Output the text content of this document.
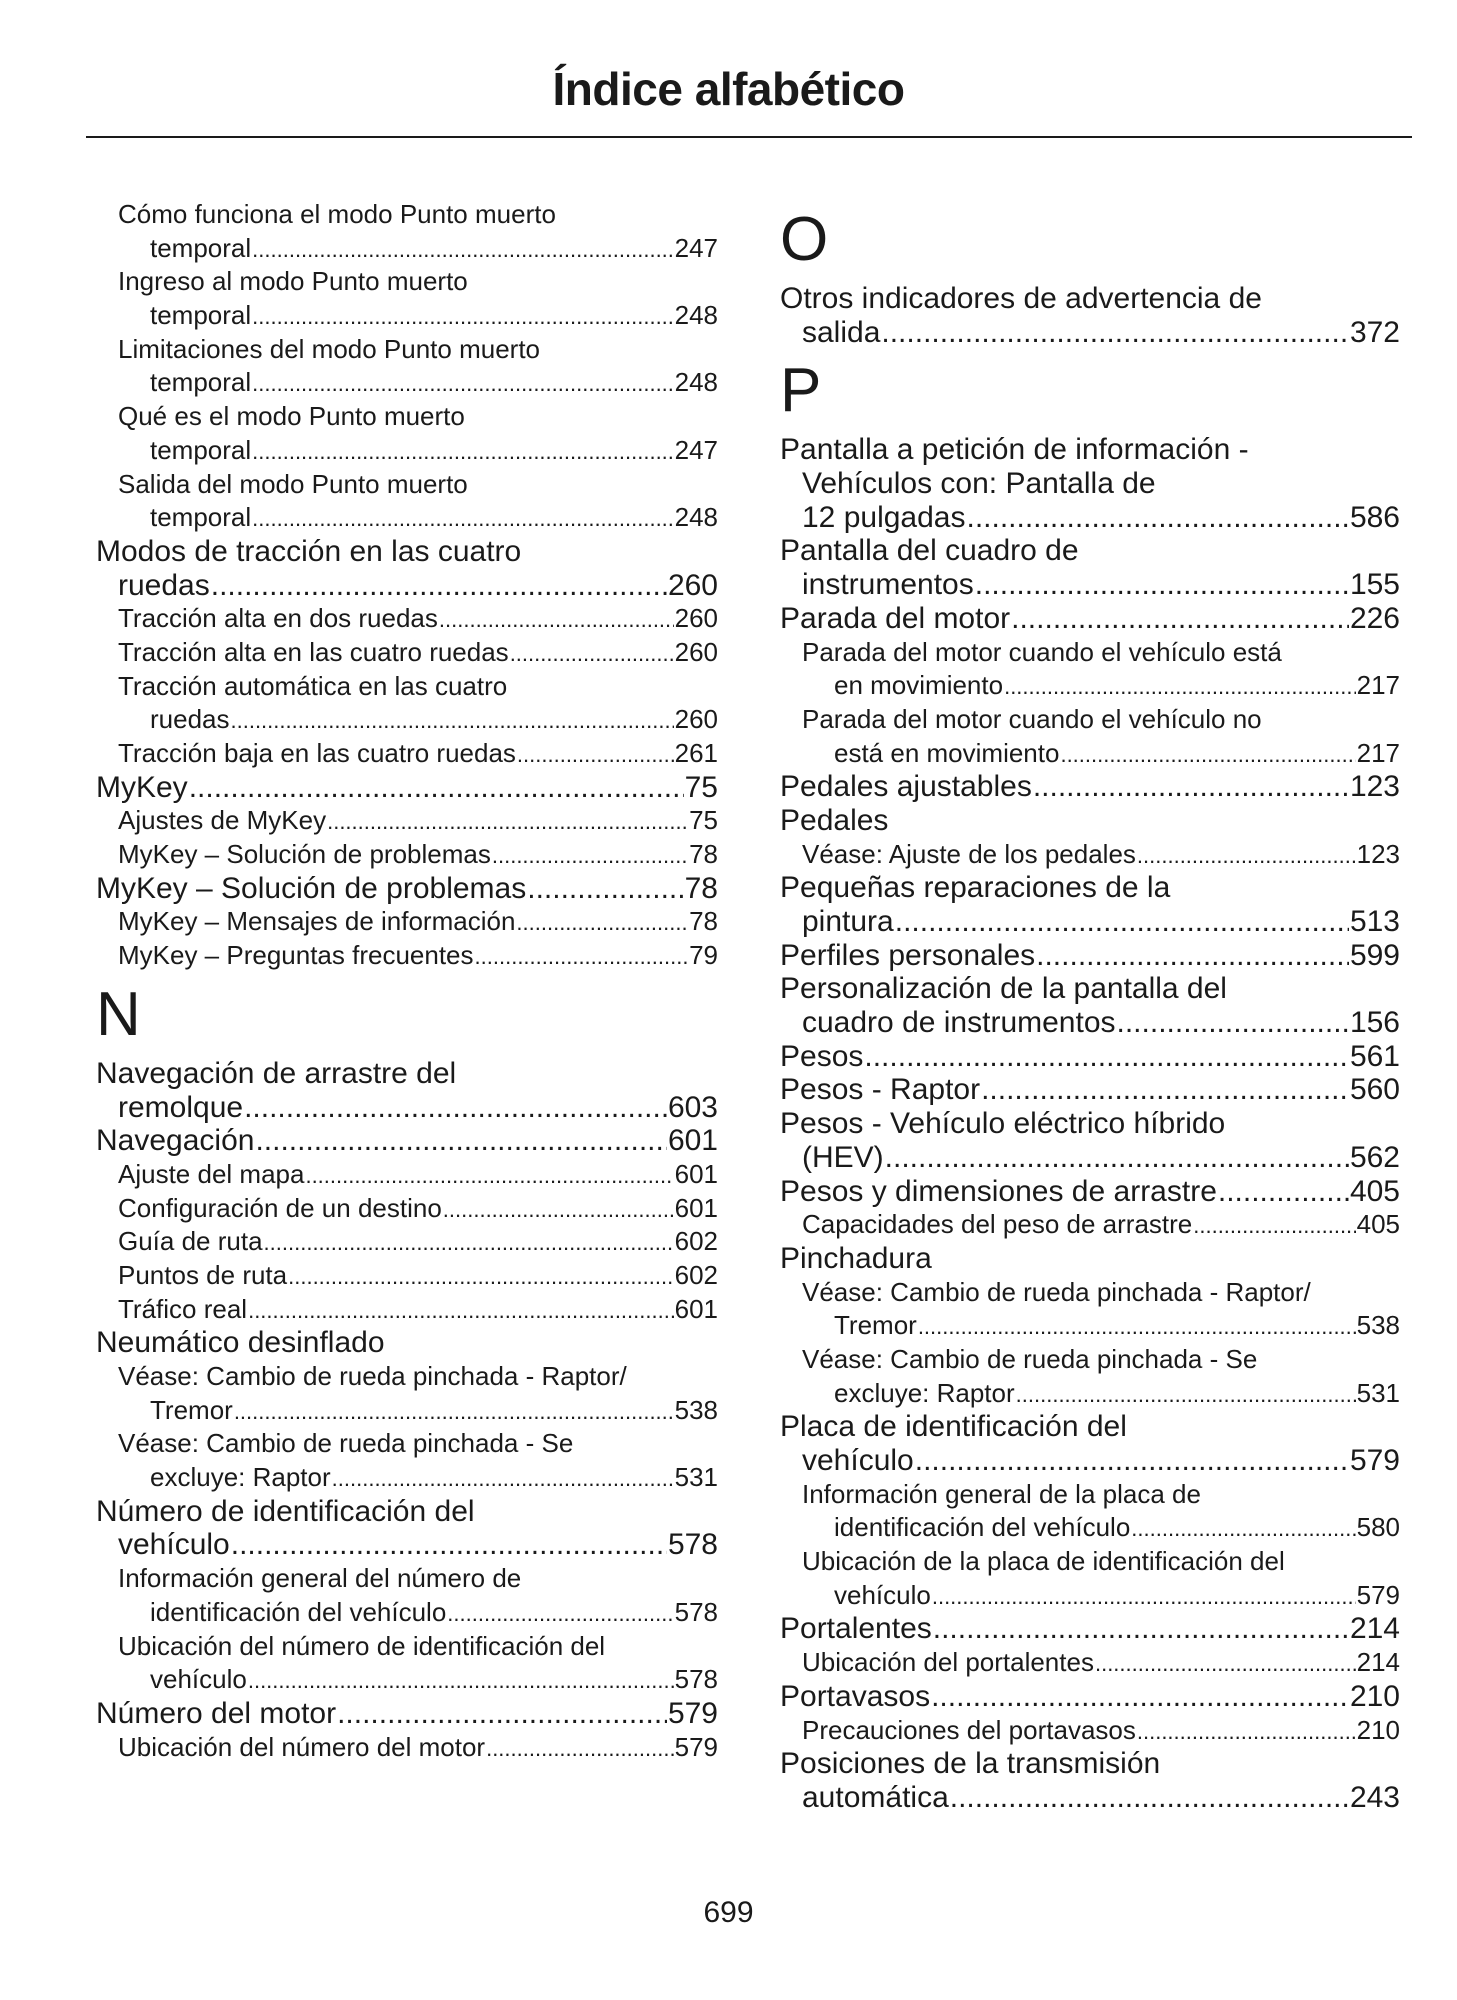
Índice alfabético
Cómo funciona el modo Punto muerto
temporal .....	247
Ingreso al modo Punto muerto
temporal .....	248
Limitaciones del modo Punto muerto
temporal .....	248
Qué es el modo Punto muerto
temporal .....	247
Salida del modo Punto muerto
temporal .....	248
Modos de tracción en las cuatro
ruedas .....	260
Tracción alta en dos ruedas .....	260
Tracción alta en las cuatro ruedas .....	260
Tracción automática en las cuatro
ruedas .....	260
Tracción baja en las cuatro ruedas .....	261
MyKey .....	75
Ajustes de MyKey .....	75
MyKey – Solución de problemas .....	78
MyKey – Solución de problemas .....	78
MyKey – Mensajes de información .....	78
MyKey – Preguntas frecuentes .....	79
N
Navegación de arrastre del
remolque .....	603
Navegación .....	601
Ajuste del mapa .....	601
Configuración de un destino .....	601
Guía de ruta .....	602
Puntos de ruta .....	602
Tráfico real .....	601
Neumático desinflado
Véase: Cambio de rueda pinchada - Raptor/
Tremor .....	538
Véase: Cambio de rueda pinchada - Se
excluye: Raptor .....	531
Número de identificación del
vehículo .....	578
Información general del número de
identificación del vehículo .....	578
Ubicación del número de identificación del
vehículo .....	578
Número del motor .....	579
Ubicación del número del motor .....	579
O
Otros indicadores de advertencia de
salida .....	372
P
Pantalla a petición de información -
Vehículos con: Pantalla de
12 pulgadas .....	586
Pantalla del cuadro de
instrumentos .....	155
Parada del motor .....	226
Parada del motor cuando el vehículo está
en movimiento .....	217
Parada del motor cuando el vehículo no
está en movimiento .....	217
Pedales ajustables .....	123
Pedales
Véase: Ajuste de los pedales .....	123
Pequeñas reparaciones de la
pintura .....	513
Perfiles personales .....	599
Personalización de la pantalla del
cuadro de instrumentos .....	156
Pesos .....	561
Pesos - Raptor .....	560
Pesos - Vehículo eléctrico híbrido
(HEV) .....	562
Pesos y dimensiones de arrastre .....	405
Capacidades del peso de arrastre .....	405
Pinchadura
Véase: Cambio de rueda pinchada - Raptor/
Tremor .....	538
Véase: Cambio de rueda pinchada - Se
excluye: Raptor .....	531
Placa de identificación del
vehículo .....	579
Información general de la placa de
identificación del vehículo .....	580
Ubicación de la placa de identificación del
vehículo .....	579
Portalentes .....	214
Ubicación del portalentes .....	214
Portavasos .....	210
Precauciones del portavasos .....	210
Posiciones de la transmisión
automática .....	243
699
